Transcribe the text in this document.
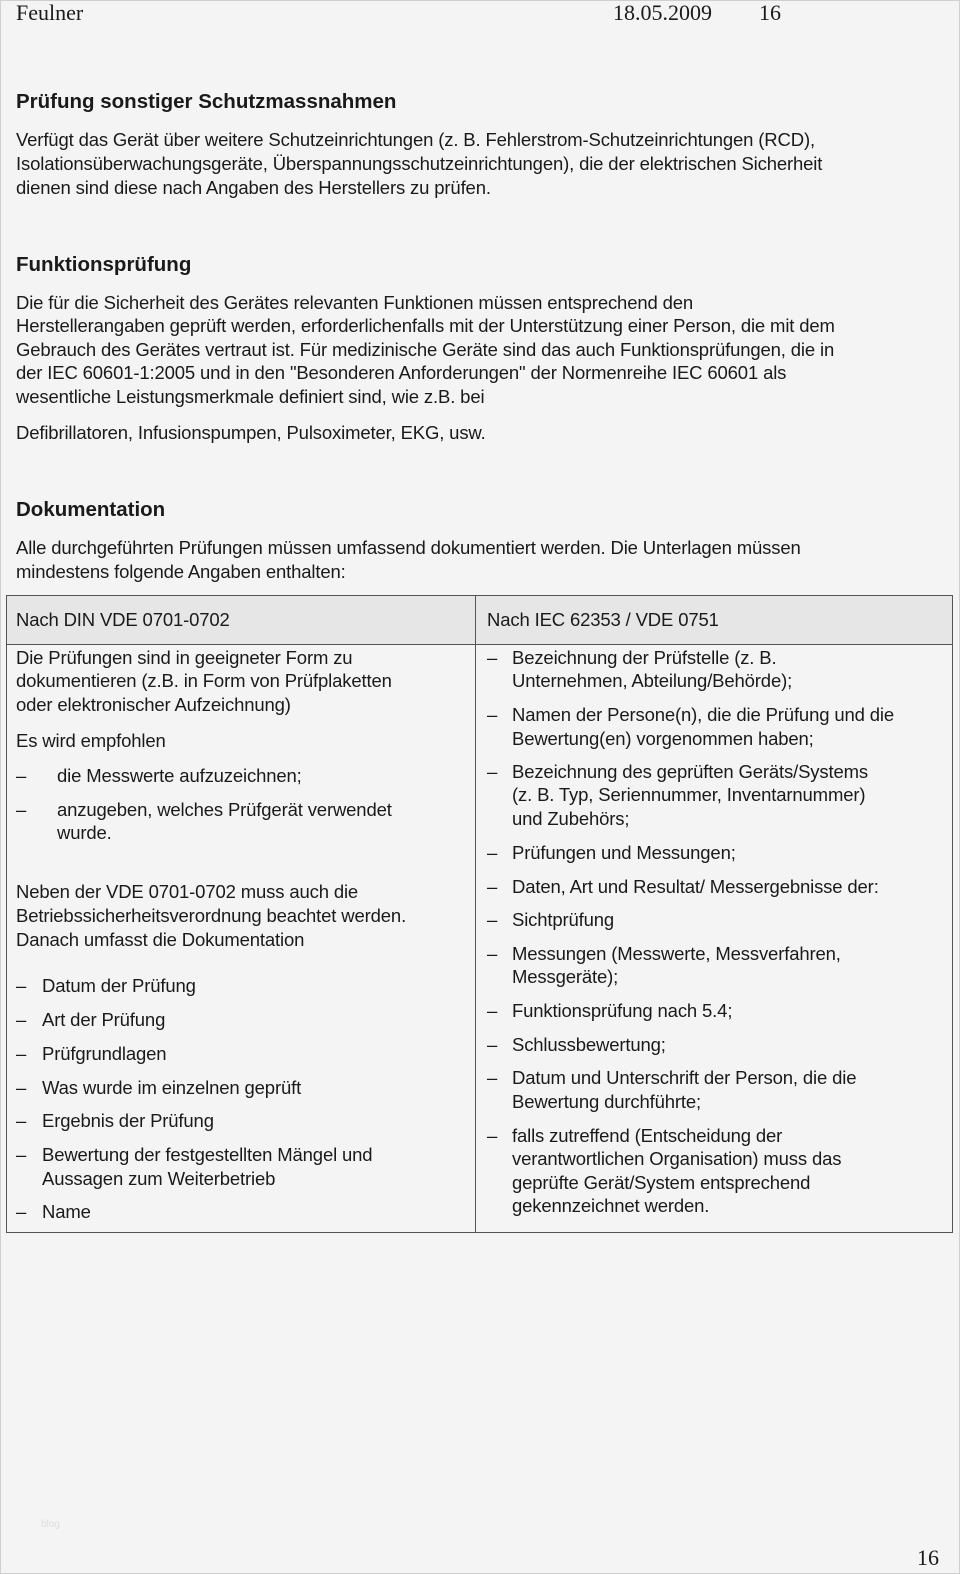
Feulner	18.05.2009 16
Prüfung sonstiger Schutzmassnahmen
Verfügt das Gerät über weitere Schutzeinrichtungen (z. B. Fehlerstrom-Schutzeinrichtungen (RCD),
Isolationsüberwachungsgeräte, Überspannungsschutzeinrichtungen), die der elektrischen Sicherheit
dienen sind diese nach Angaben des Herstellers zu prüfen.
Funktionsprüfung
Die für die Sicherheit des Gerätes relevanten Funktionen müssen entsprechend den
Herstellerangaben geprüft werden, erforderlichenfalls mit der Unterstützung einer Person, die mit dem
Gebrauch des Gerätes vertraut ist. Für medizinische Geräte sind das auch Funktionsprüfungen, die in
der IEC 60601-1:2005 und in den "Besonderen Anforderungen" der Normenreihe IEC 60601 als
wesentliche Leistungsmerkmale definiert sind, wie z.B. bei
Defibrillatoren, Infusionspumpen, Pulsoximeter, EKG, usw.
Dokumentation
Alle durchgeführten Prüfungen müssen umfassend dokumentiert werden. Die Unterlagen müssen
mindestens folgende Angaben enthalten:
Nach DIN VDE 0701-0702	Nach IEC 62353 / VDE 0751
Die Prüfungen sind in geeigneter Form zu
dokumentieren (z.B. in Form von Prüfplaketten
oder elektronischer Aufzeichnung)
Es wird empfohlen
– die Messwerte aufzuzeichnen;
– anzugeben, welches Prüfgerät verwendet
wurde.
Neben der VDE 0701-0702 muss auch die
Betriebssicherheitsverordnung beachtet werden.
Danach umfasst die Dokumentation
– Datum der Prüfung
– Art der Prüfung
– Prüfgrundlagen
– Was wurde im einzelnen geprüft
– Ergebnis der Prüfung
– Bewertung der festgestellten Mängel und
Aussagen zum Weiterbetrieb
– Name
– Bezeichnung der Prüfstelle (z. B.
Unternehmen, Abteilung/Behörde);
– Namen der Persone(n), die die Prüfung und die
Bewertung(en) vorgenommen haben;
– Bezeichnung des geprüften Geräts/Systems
(z. B. Typ, Seriennummer, Inventarnummer)
und Zubehörs;
– Prüfungen und Messungen;
– Daten, Art und Resultat/ Messergebnisse der:
– Sichtprüfung
– Messungen (Messwerte, Messverfahren,
Messgeräte);
– Funktionsprüfung nach 5.4;
– Schlussbewertung;
– Datum und Unterschrift der Person, die die
Bewertung durchführte;
– falls zutreffend (Entscheidung der
verantwortlichen Organisation) muss das
geprüfte Gerät/System entsprechend
gekennzeichnet werden.
blog
16
